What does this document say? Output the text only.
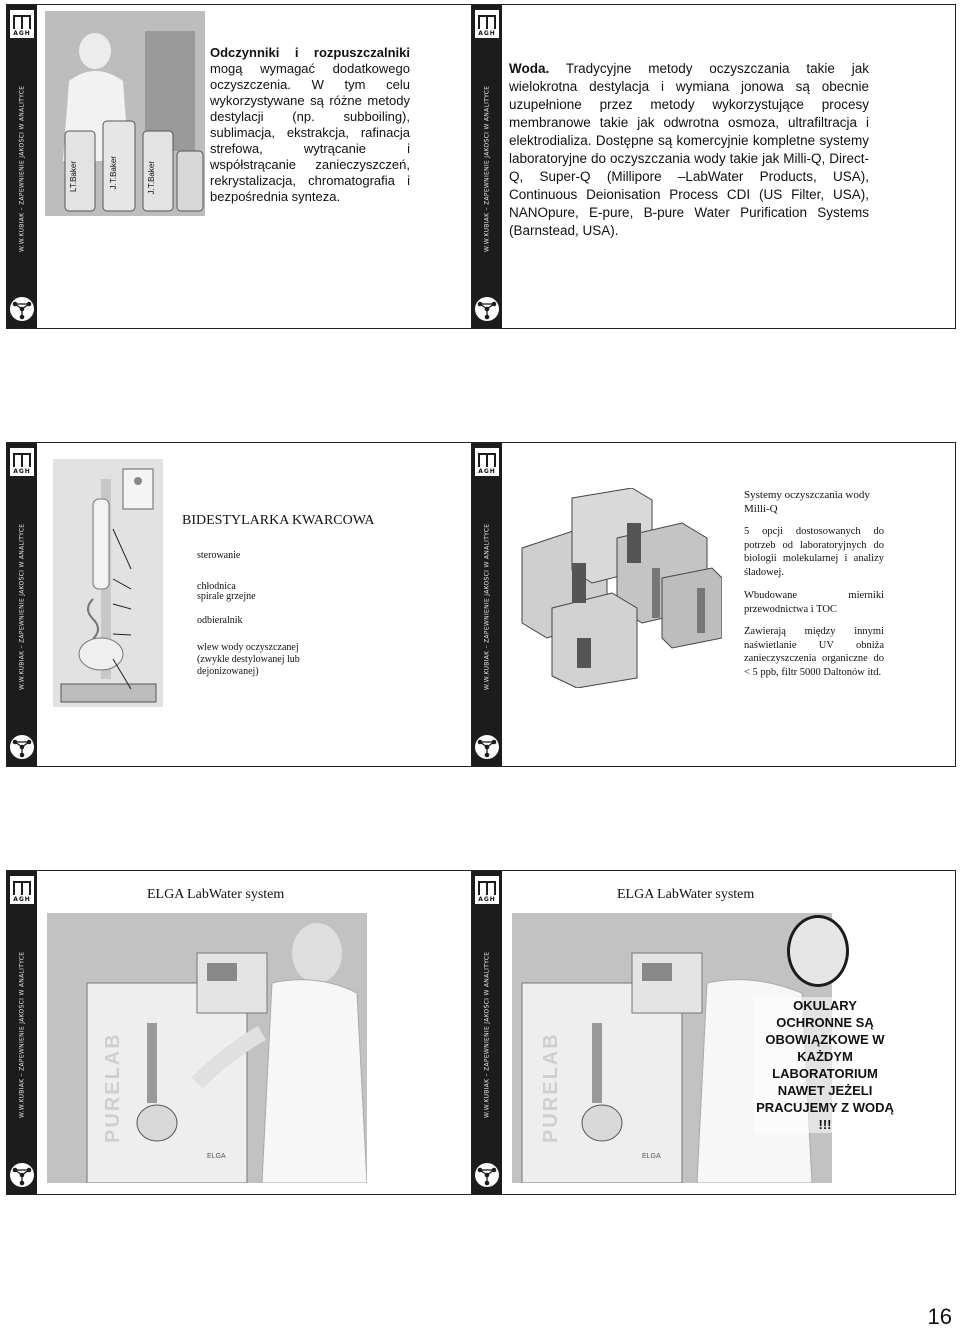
AGH
W.W.KUBIAK – ZAPEWNIENIE JAKOŚCI W ANALITYCE	LT.Baker	J.T.Baker	J.T.Baker
Odczynniki i rozpuszczalniki mogą wymagać dodatkowego oczyszczenia. W tym celu wykorzystywane są różne metody destylacji (np. subboiling), sublimacja, ekstrakcja, rafinacja strefowa, wytrącanie i współstrącanie zanieczyszczeń, rekrystalizacja, chromatografia i bezpośrednia synteza.
AGH
W.W.KUBIAK – ZAPEWNIENIE JAKOŚCI W ANALITYCE
Woda. Tradycyjne metody oczyszczania takie jak wielokrotna destylacja i wymiana jonowa są obecnie uzupełnione przez metody wykorzystujące procesy membranowe takie jak odwrotna osmoza, ultrafiltracja i elektrodializa. Dostępne są komercyjnie kompletne systemy laboratoryjne do oczyszczania wody takie jak Milli-Q, Direct-Q, Super-Q (Millipore –LabWater Products, USA), Continuous Deionisation Process CDI (US Filter, USA), NANOpure, E-pure, B-pure Water Purification Systems (Barnstead, USA).
AGH
W.W.KUBIAK – ZAPEWNIENIE JAKOŚCI W ANALITYCE
BIDESTYLARKA KWARCOWA
sterowanie
chłodnica
spirale grzejne
odbieralnik
wlew wody oczyszczanej (zwykle destylowanej lub dejonizowanej)
AGH
W.W.KUBIAK – ZAPEWNIENIE JAKOŚCI W ANALITYCE
Systemy oczyszczania wody Milli-Q
5 opcji dostosowanych do potrzeb od laboratoryjnych do biologii molekularnej i analizy śladowej.
Wbudowane mierniki przewodnictwa i TOC
Zawierają między innymi naświetlanie UV obniża zanieczyszczenia organiczne do < 5 ppb, filtr 5000 Daltonów itd.
AGH
W.W.KUBIAK – ZAPEWNIENIE JAKOŚCI W ANALITYCE
ELGA LabWater system
PURELAB
ELGA
AGH
W.W.KUBIAK – ZAPEWNIENIE JAKOŚCI W ANALITYCE
ELGA LabWater system
PURELAB
ELGA
OKULARY OCHRONNE SĄ OBOWIĄZKOWE W KAŻDYM LABORATORIUM NAWET JEŻELI PRACUJEMY Z WODĄ !!!
16
